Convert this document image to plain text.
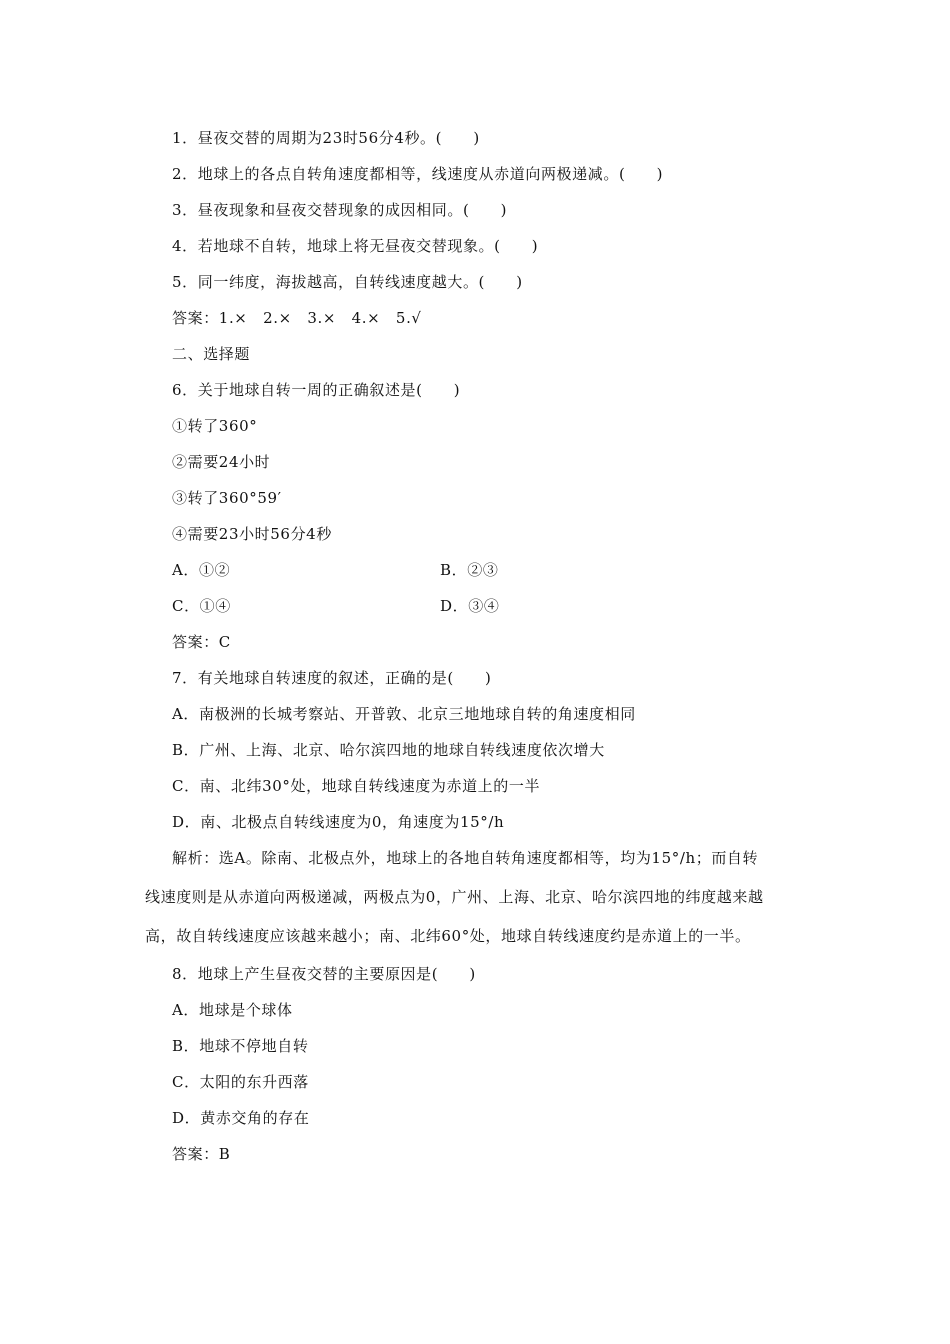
1．昼夜交替的周期为23时56分4秒。(　　)
2．地球上的各点自转角速度都相等，线速度从赤道向两极递减。(　　)
3．昼夜现象和昼夜交替现象的成因相同。(　　)
4．若地球不自转，地球上将无昼夜交替现象。(　　)
5．同一纬度，海拔越高，自转线速度越大。(　　)
答案：1.×　2.×　3.×　4.×　5.√
二、选择题
6．关于地球自转一周的正确叙述是(　　)
①转了360°
②需要24小时
③转了360°59′
④需要23小时56分4秒
A．①②	B．②③
C．①④	D．③④
答案：C
7．有关地球自转速度的叙述，正确的是(　　)
A．南极洲的长城考察站、开普敦、北京三地地球自转的角速度相同
B．广州、上海、北京、哈尔滨四地的地球自转线速度依次增大
C．南、北纬30°处，地球自转线速度为赤道上的一半
D．南、北极点自转线速度为0，角速度为15°/h
解析：选A。除南、北极点外，地球上的各地自转角速度都相等，均为15°/h；而自转
线速度则是从赤道向两极递减，两极点为0，广州、上海、北京、哈尔滨四地的纬度越来越
高，故自转线速度应该越来越小；南、北纬60°处，地球自转线速度约是赤道上的一半。
8．地球上产生昼夜交替的主要原因是(　　)
A．地球是个球体
B．地球不停地自转
C．太阳的东升西落
D．黄赤交角的存在
答案：B
